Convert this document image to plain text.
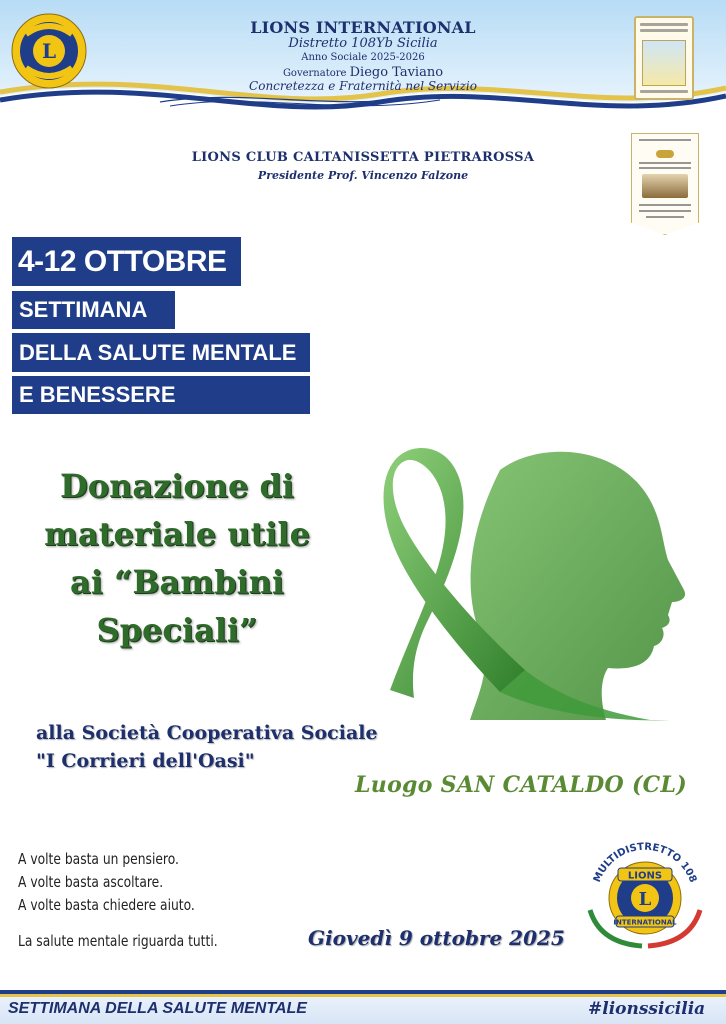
L
LIONS INTERNATIONAL
Distretto 108Yb Sicilia
Anno Sociale 2025-2026
Governatore Diego Taviano
Concretezza e Fraternità nel Servizio
LIONS CLUB CALTANISSETTA PIETRAROSSA
Presidente Prof. Vincenzo Falzone
4-12 OTTOBRE
SETTIMANA
DELLA SALUTE MENTALE
E BENESSERE
Donazione di
materiale utile
ai “Bambini
Speciali”
alla Società Cooperativa Sociale
"I Corrieri dell'Oasi"
Luogo SAN CATALDO (CL)
A volte basta un pensiero.
A volte basta ascoltare.
A volte basta chiedere aiuto.
La salute mentale riguarda tutti.	Giovedì 9 ottobre 2025
MULTIDISTRETTO 108
L
LIONS
INTERNATIONAL
SETTIMANA DELLA SALUTE MENTALE	#lionssicilia
